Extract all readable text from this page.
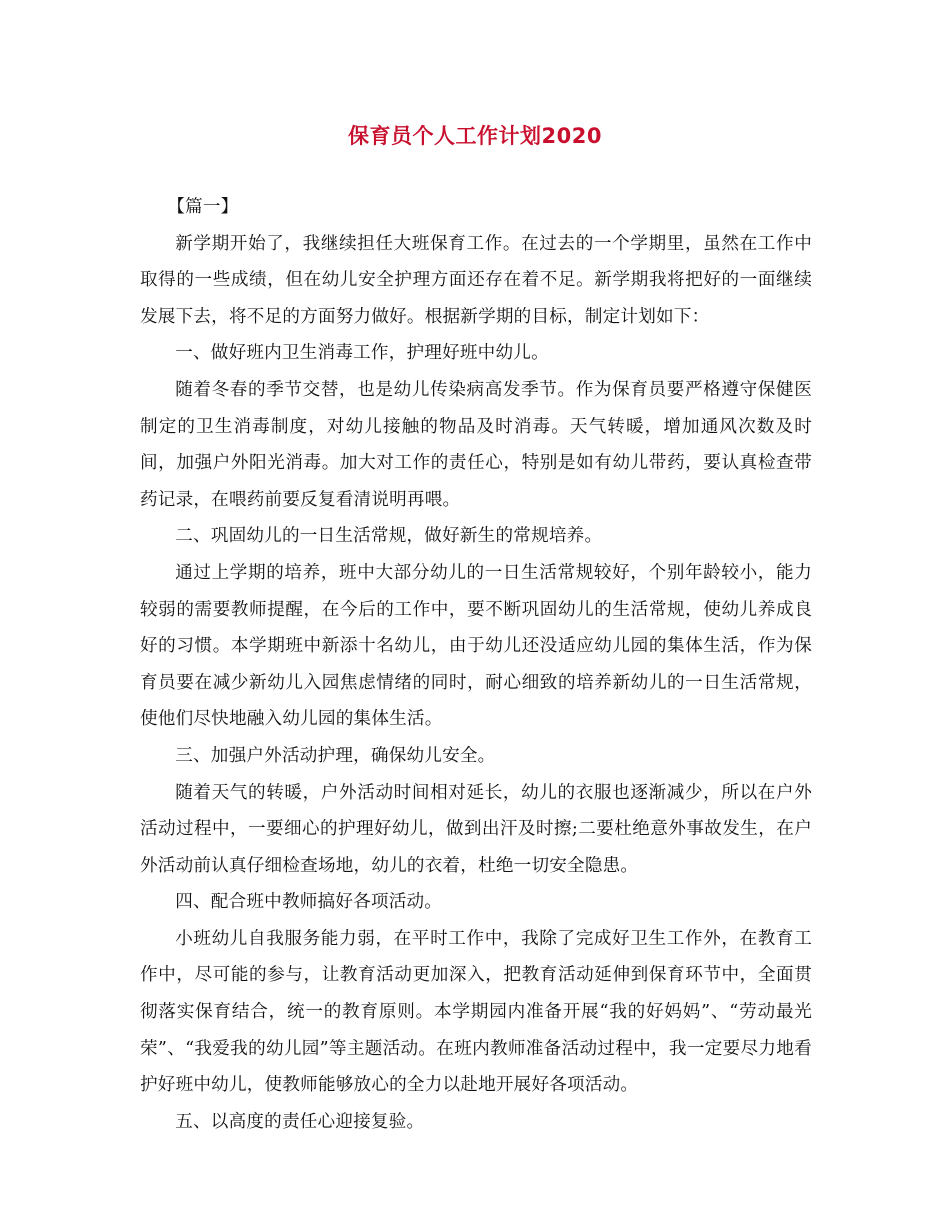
保育员个人工作计划2020

【篇一】

新学期开始了，我继续担任大班保育工作。在过去的一个学期里，虽然在工作中取得的一些成绩，但在幼儿安全护理方面还存在着不足。新学期我将把好的一面继续发展下去，将不足的方面努力做好。根据新学期的目标，制定计划如下：

一、做好班内卫生消毒工作，护理好班中幼儿。

随着冬春的季节交替，也是幼儿传染病高发季节。作为保育员要严格遵守保健医制定的卫生消毒制度，对幼儿接触的物品及时消毒。天气转暖，增加通风次数及时间，加强户外阳光消毒。加大对工作的责任心，特别是如有幼儿带药，要认真检查带药记录，在喂药前要反复看清说明再喂。

二、巩固幼儿的一日生活常规，做好新生的常规培养。

通过上学期的培养，班中大部分幼儿的一日生活常规较好，个别年龄较小，能力较弱的需要教师提醒，在今后的工作中，要不断巩固幼儿的生活常规，使幼儿养成良好的习惯。本学期班中新添十名幼儿，由于幼儿还没适应幼儿园的集体生活，作为保育员要在减少新幼儿入园焦虑情绪的同时，耐心细致的培养新幼儿的一日生活常规，使他们尽快地融入幼儿园的集体生活。

三、加强户外活动护理，确保幼儿安全。

随着天气的转暖，户外活动时间相对延长，幼儿的衣服也逐渐减少，所以在户外活动过程中，一要细心的护理好幼儿，做到出汗及时擦;二要杜绝意外事故发生，在户外活动前认真仔细检查场地，幼儿的衣着，杜绝一切安全隐患。

四、配合班中教师搞好各项活动。

小班幼儿自我服务能力弱，在平时工作中，我除了完成好卫生工作外，在教育工作中，尽可能的参与，让教育活动更加深入，把教育活动延伸到保育环节中，全面贯彻落实保育结合，统一的教育原则。本学期园内准备开展“我的好妈妈”、“劳动最光荣”、“我爱我的幼儿园”等主题活动。在班内教师准备活动过程中，我一定要尽力地看护好班中幼儿，使教师能够放心的全力以赴地开展好各项活动。

五、以高度的责任心迎接复验。
